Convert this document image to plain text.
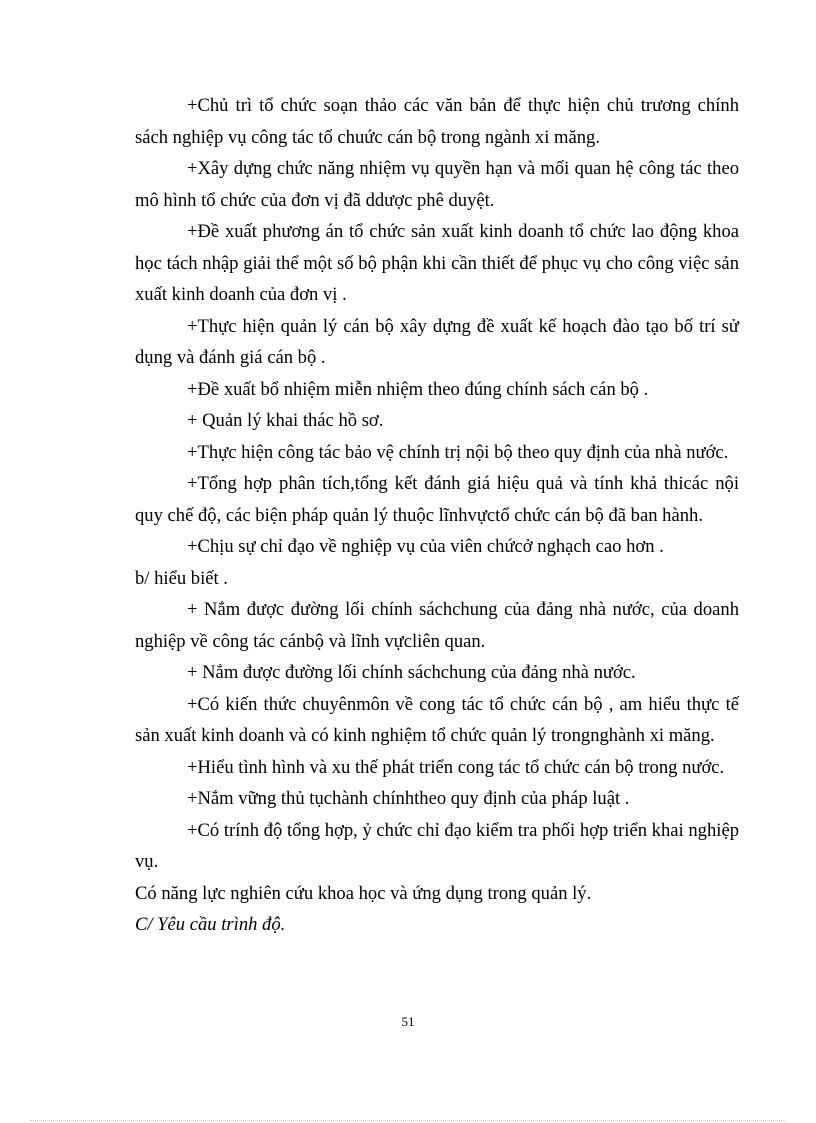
+Chủ trì tổ chức soạn thảo các văn bản để thực hiện chủ trương chính sách nghiệp vụ công tác tổ chuức cán bộ trong ngành xi măng.

+Xây dựng chức năng nhiệm vụ quyền hạn và mối quan hệ công tác theo mô hình tổ chức của đơn vị đã ddược phê duyệt.

+Đề xuất phương án tổ chức sản xuất kinh doanh tổ chức lao động khoa học tách nhập giải thể một số bộ phận khi cần thiết để phục vụ cho công việc sản xuất kinh doanh của đơn vị .

+Thực hiện quản lý cán bộ xây dựng đề xuất kế hoạch đào tạo bố trí sử dụng và đánh giá cán bộ .

+Đề xuất bổ nhiệm miễn nhiệm theo đúng chính sách cán bộ .

+ Quản lý khai thác hồ sơ.

+Thực hiện công tác bảo vệ chính trị nội bộ theo quy định của nhà nước.

+Tổng hợp phân tích,tổng kết đánh giá hiệu quả và tính khả thicác nội quy chế độ, các biện pháp quản lý thuộc lĩnhvựctổ chức cán bộ đã ban hành.

+Chịu sự chỉ đạo về nghiệp vụ của viên chứcở nghạch cao hơn .

b/ hiểu biết .

+ Nắm được đường lối chính sáchchung của đảng nhà nước, của doanh nghiệp về công tác cánbộ và lĩnh vựcliên quan.

+ Nắm được đường lối chính sáchchung của đảng nhà nước.

+Có kiến thức chuyênmôn về cong tác tổ chức cán bộ , am hiểu thực tế sản xuất kinh doanh và có kinh nghiệm tổ chức quản lý trongnghành xi măng.

+Hiểu tình hình và xu thế phát triển cong tác tổ chức cán bộ trong nước.

+Nắm vững thủ tụchành chínhtheo quy định của pháp luật .

+Có trính độ tổng hợp, ỷ chức chỉ đạo kiểm tra phối hợp triển khai nghiệp vụ.

Có năng lực nghiên cứu khoa học và ứng dụng trong quản lý.

C/ Yêu cầu trình độ.

51
